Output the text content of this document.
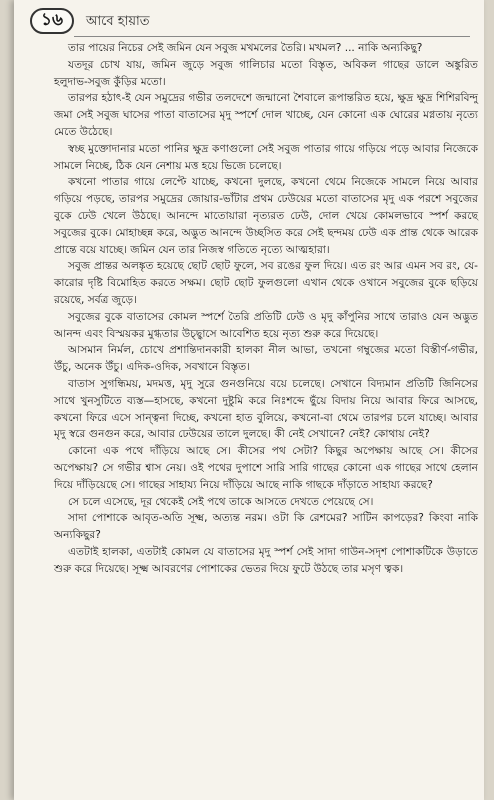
১৬	আবে হায়াত

তার পায়ের নিচের সেই জমিন যেন সবুজ মখমলের তৈরি। মখমল? ... নাকি অন্যকিছু?

যতদূর চোখ যায়, জমিন জুড়ে সবুজ গালিচার মতো বিস্তৃত, অবিকল গাছের ডালে অঙ্কুরিত হলুদাভ-সবুজ কুঁড়ির মতো।

তারপর হঠাৎ-ই যেন সমুদ্রের গভীর তলদেশে জন্মানো শৈবালে রূপান্তরিত হয়ে, ক্ষুদ্র ক্ষুদ্র শিশিরবিন্দু জমা সেই সবুজ ঘাসের পাতা বাতাসের মৃদু স্পর্শে দোল খাচ্ছে, যেন কোনো এক ঘোরের মগ্নতায় নৃত্যে মেতে উঠেছে।

স্বচ্ছ মুক্তোদানার মতো পানির ক্ষুদ্র কণাগুলো সেই সবুজ পাতার গায়ে গড়িয়ে পড়ে আবার নিজেকে সামলে নিচ্ছে, ঠিক যেন নেশায় মত্ত হয়ে ভিজে চলেছে।

কখনো পাতার গায়ে লেপ্টে যাচ্ছে, কখনো দুলছে, কখনো থেমে নিজেকে সামলে নিয়ে আবার গড়িয়ে পড়ছে, তারপর সমুদ্রের জোয়ার-ভাঁটার প্রথম ঢেউয়ের মতো বাতাসের মৃদু এক পরশে সবুজের বুকে ঢেউ খেলে উঠছে। আনন্দে মাতোয়ারা নৃত্যরত ঢেউ, দোল খেয়ে কোমলভাবে স্পর্শ করছে সবুজের বুকে। মোহাচ্ছন্ন করে, অদ্ভুত আনন্দে উচ্ছসিত করে সেই ছন্দময় ঢেউ এক প্রান্ত থেকে আরেক প্রান্তে বয়ে যাচ্ছে। জমিন যেন তার নিজস্ব গতিতে নৃত্যে আত্মহারা।

সবুজ প্রান্তর অলঙ্কৃত হয়েছে ছোট ছোট ফুলে, সব রঙের ফুল দিয়ে। এত রং আর এমন সব রং, যে-কারোর দৃষ্টি বিমোহিত করতে সক্ষম। ছোট ছোট ফুলগুলো এখান থেকে ওখানে সবুজের বুকে ছড়িয়ে রয়েছে, সর্বত্র জুড়ে।

সবুজের বুকে বাতাসের কোমল স্পর্শে তৈরি প্রতিটি ঢেউ ও মৃদু কাঁপুনির সাথে তারাও যেন অদ্ভুত আনন্দ এবং বিস্ময়কর মুগ্ধতার উচ্ছ্বাসে আবেশিত হয়ে নৃত্য শুরু করে দিয়েছে।

আসমান নির্মল, চোখে প্রশান্তিদানকারী হালকা নীল আভা, তখনো গম্বুজের মতো বিস্তীর্ণ-গভীর, উঁচু, অনেক উঁচু। এদিক-ওদিক, সবখানে বিস্তৃত।

বাতাস সুগন্ধিময়, মদমত্ত, মৃদু সুরে গুনগুনিয়ে বয়ে চলেছে। সেখানে বিদ্যমান প্রতিটি জিনিসের সাথে খুনসুটিতে ব্যস্ত—হাসছে, কখনো দুষ্টুমি করে নিঃশব্দে ছুঁয়ে বিদায় নিয়ে আবার ফিরে আসছে, কখনো ফিরে এসে সান্ত্বনা দিচ্ছে, কখনো হাত বুলিয়ে, কখনো-বা থেমে তারপর চলে যাচ্ছে। আবার মৃদু স্বরে গুনগুন করে, আবার ঢেউয়ের তালে দুলছে। কী নেই সেখানে? নেই? কোথায় নেই?

কোনো এক পথে দাঁড়িয়ে আছে সে। কীসের পথ সেটা? কিছুর অপেক্ষায় আছে সে। কীসের অপেক্ষায়? সে গভীর শ্বাস নেয়। ওই পথের দুপাশে সারি সারি গাছের কোনো এক গাছের সাথে হেলান দিয়ে দাঁড়িয়েছে সে। গাছের সাহায্য নিয়ে দাঁড়িয়ে আছে নাকি গাছকে দাঁড়াতে সাহায্য করছে?

সে চলে এসেছে, দূর থেকেই সেই পথে তাকে আসতে দেখতে পেয়েছে সে।

সাদা পোশাকে আবৃত-অতি সূক্ষ্ম, অত্যন্ত নরম। ওটা কি রেশমের? সাটিন কাপড়ের? কিংবা নাকি অন্যকিছুর?

এতটাই হালকা, এতটাই কোমল যে বাতাসের মৃদু স্পর্শ সেই সাদা গাউন-সদৃশ পোশাকটিকে উড়াতে শুরু করে দিয়েছে। সূক্ষ্ম আবরণের পোশাকের ভেতর দিয়ে ফুটে উঠছে তার মসৃণ ত্বক।
